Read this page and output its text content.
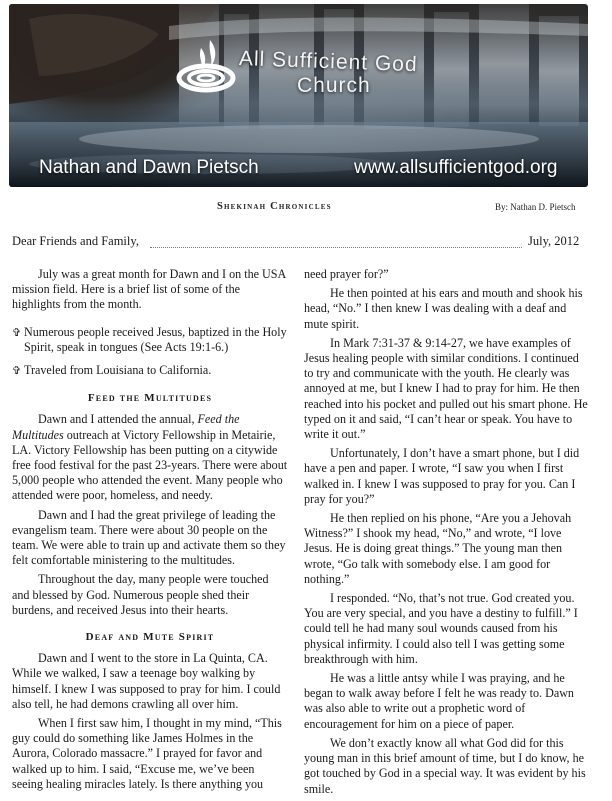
All Sufficient God
Church
Nathan and Dawn Pietsch	www.allsufficientgod.org
Shekinah Chronicles	By: Nathan D. Pietsch
Dear Friends and Family,	July, 2012

July was a great month for Dawn and I on the USA mission field. Here is a brief list of some of the highlights from the month.

✞ Numerous people received Jesus, baptized in the Holy Spirit, speak in tongues (See Acts 19:1-6.)
✞ Traveled from Louisiana to California.
Feed the Multitudes

Dawn and I attended the annual, Feed the Multitudes outreach at Victory Fellowship in Metairie, LA. Victory Fellowship has been putting on a citywide free food festival for the past 23-years. There were about 5,000 people who attended the event. Many people who attended were poor, homeless, and needy.

Dawn and I had the great privilege of leading the evangelism team. There were about 30 people on the team. We were able to train up and activate them so they felt comfortable ministering to the multitudes.

Throughout the day, many people were touched and blessed by God. Numerous people shed their burdens, and received Jesus into their hearts.

Deaf and Mute Spirit

Dawn and I went to the store in La Quinta, CA. While we walked, I saw a teenage boy walking by himself. I knew I was supposed to pray for him. I could also tell, he had demons crawling all over him.

When I first saw him, I thought in my mind, “This guy could do something like James Holmes in the Aurora, Colorado massacre.” I prayed for favor and walked up to him. I said, “Excuse me, we’ve been seeing healing miracles lately. Is there anything you

need prayer for?”

He then pointed at his ears and mouth and shook his head, “No.” I then knew I was dealing with a deaf and mute spirit.

In Mark 7:31-37 & 9:14-27, we have examples of Jesus healing people with similar conditions. I continued to try and communicate with the youth. He clearly was annoyed at me, but I knew I had to pray for him. He then reached into his pocket and pulled out his smart phone. He typed on it and said, “I can’t hear or speak. You have to write it out.”

Unfortunately, I don’t have a smart phone, but I did have a pen and paper. I wrote, “I saw you when I first walked in. I knew I was supposed to pray for you. Can I pray for you?”

He then replied on his phone, “Are you a Jehovah Witness?” I shook my head, “No,” and wrote, “I love Jesus. He is doing great things.” The young man then wrote, “Go talk with somebody else. I am good for nothing.”

I responded. “No, that’s not true. God created you. You are very special, and you have a destiny to fulfill.” I could tell he had many soul wounds caused from his physical infirmity. I could also tell I was getting some breakthrough with him.

He was a little antsy while I was praying, and he began to walk away before I felt he was ready to. Dawn was also able to write out a prophetic word of encouragement for him on a piece of paper.

We don’t exactly know all what God did for this young man in this brief amount of time, but I do know, he got touched by God in a special way. It was evident by his smile.
